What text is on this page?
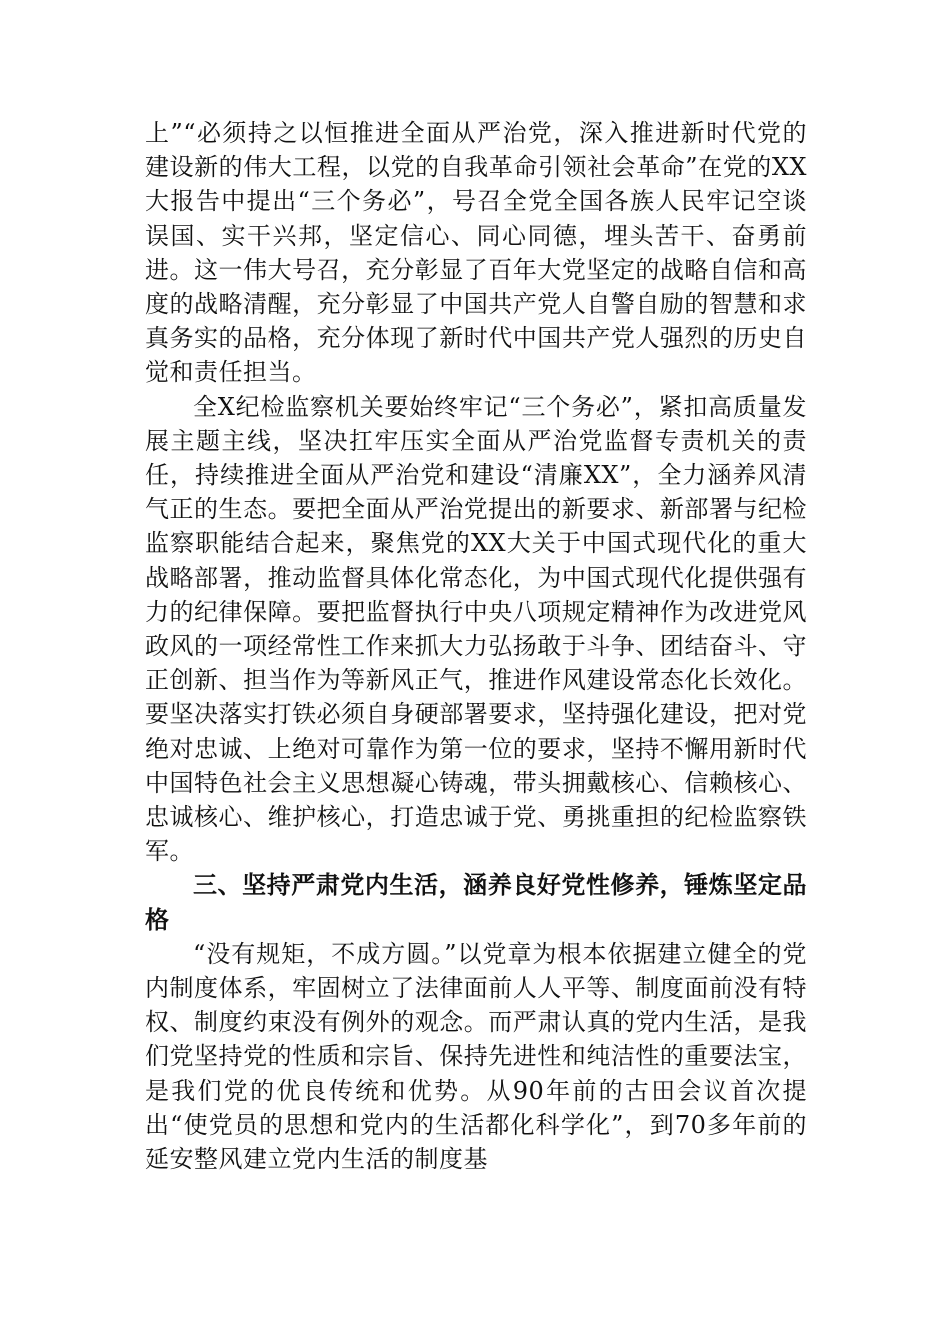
上”“必须持之以恒推进全面从严治党，深入推进新时代党的建设新的伟大工程，以党的自我革命引领社会革命”在党的XX大报告中提出“三个务必”，号召全党全国各族人民牢记空谈误国、实干兴邦，坚定信心、同心同德，埋头苦干、奋勇前进。这一伟大号召，充分彰显了百年大党坚定的战略自信和高度的战略清醒，充分彰显了中国共产党人自警自励的智慧和求真务实的品格，充分体现了新时代中国共产党人强烈的历史自觉和责任担当。

全X纪检监察机关要始终牢记“三个务必”，紧扣高质量发展主题主线，坚决扛牢压实全面从严治党监督专责机关的责任，持续推进全面从严治党和建设“清廉XX”，全力涵养风清气正的生态。要把全面从严治党提出的新要求、新部署与纪检监察职能结合起来，聚焦党的XX大关于中国式现代化的重大战略部署，推动监督具体化常态化，为中国式现代化提供强有力的纪律保障。要把监督执行中央八项规定精神作为改进党风政风的一项经常性工作来抓大力弘扬敢于斗争、团结奋斗、守正创新、担当作为等新风正气，推进作风建设常态化长效化。要坚决落实打铁必须自身硬部署要求，坚持强化建设，把对党绝对忠诚、上绝对可靠作为第一位的要求，坚持不懈用新时代中国特色社会主义思想凝心铸魂，带头拥戴核心、信赖核心、忠诚核心、维护核心，打造忠诚于党、勇挑重担的纪检监察铁军。

三、坚持严肃党内生活，涵养良好党性修养，锤炼坚定品格

“没有规矩，不成方圆。”以党章为根本依据建立健全的党内制度体系，牢固树立了法律面前人人平等、制度面前没有特权、制度约束没有例外的观念。而严肃认真的党内生活，是我们党坚持党的性质和宗旨、保持先进性和纯洁性的重要法宝，是我们党的优良传统和优势。从90年前的古田会议首次提出“使党员的思想和党内的生活都化科学化”，到70多年前的延安整风建立党内生活的制度基
